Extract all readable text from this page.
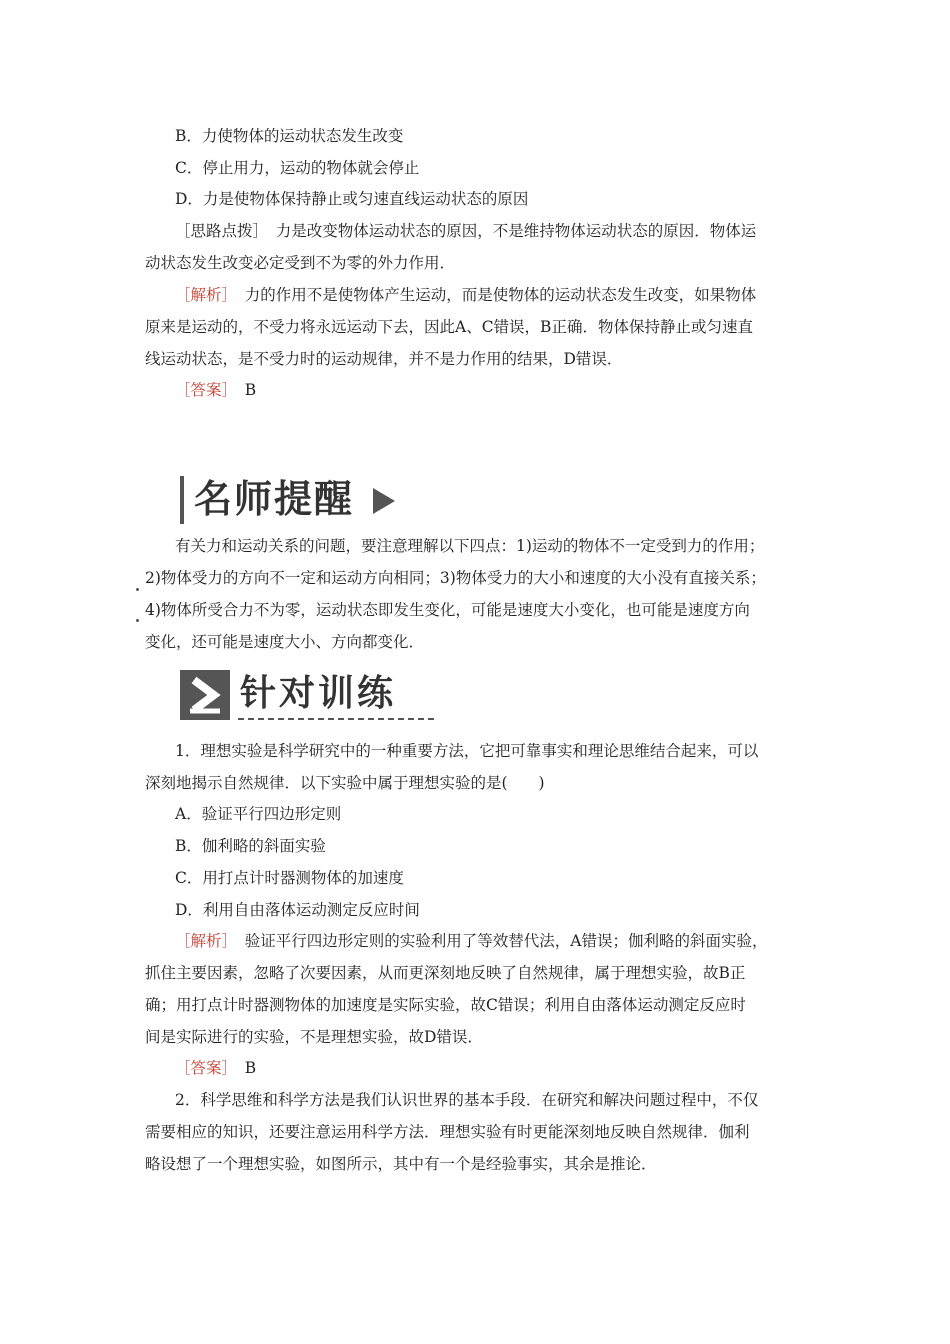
B．力使物体的运动状态发生改变
C．停止用力，运动的物体就会停止
D．力是使物体保持静止或匀速直线运动状态的原因
［思路点拨］　 力是改变物体运动状态的原因，不是维持物体运动状态的原因．物体运
动状态发生改变必定受到不为零的外力作用．
［解析］　 力的作用不是使物体产生运动，而是使物体的运动状态发生改变，如果物体
原来是运动的，不受力将永远运动下去，因此A、C错误，B正确．物体保持静止或匀速直
线运动状态，是不受力时的运动规律，并不是力作用的结果，D错误．
［答案］　 B
名师提醒
有关力和运动关系的问题，要注意理解以下四点：1)运动的物体不一定受到力的作用；
2)物体受力的方向不一定和运动方向相同；3)物体受力的大小和速度的大小没有直接关系；
4)物体所受合力不为零，运动状态即发生变化，可能是速度大小变化，也可能是速度方向
变化，还可能是速度大小、方向都变化．
针对训练
1．理想实验是科学研究中的一种重要方法，它把可靠事实和理论思维结合起来，可以
深刻地揭示自然规律．以下实验中属于理想实验的是(　　)
A．验证平行四边形定则
B．伽利略的斜面实验
C．用打点计时器测物体的加速度
D．利用自由落体运动测定反应时间
［解析］　 验证平行四边形定则的实验利用了等效替代法，A错误；伽利略的斜面实验，
抓住主要因素，忽略了次要因素，从而更深刻地反映了自然规律，属于理想实验，故B正
确；用打点计时器测物体的加速度是实际实验，故C错误；利用自由落体运动测定反应时
间是实际进行的实验，不是理想实验，故D错误．
［答案］　 B
2．科学思维和科学方法是我们认识世界的基本手段．在研究和解决问题过程中，不仅
需要相应的知识，还要注意运用科学方法．理想实验有时更能深刻地反映自然规律．伽利
略设想了一个理想实验，如图所示，其中有一个是经验事实，其余是推论．
